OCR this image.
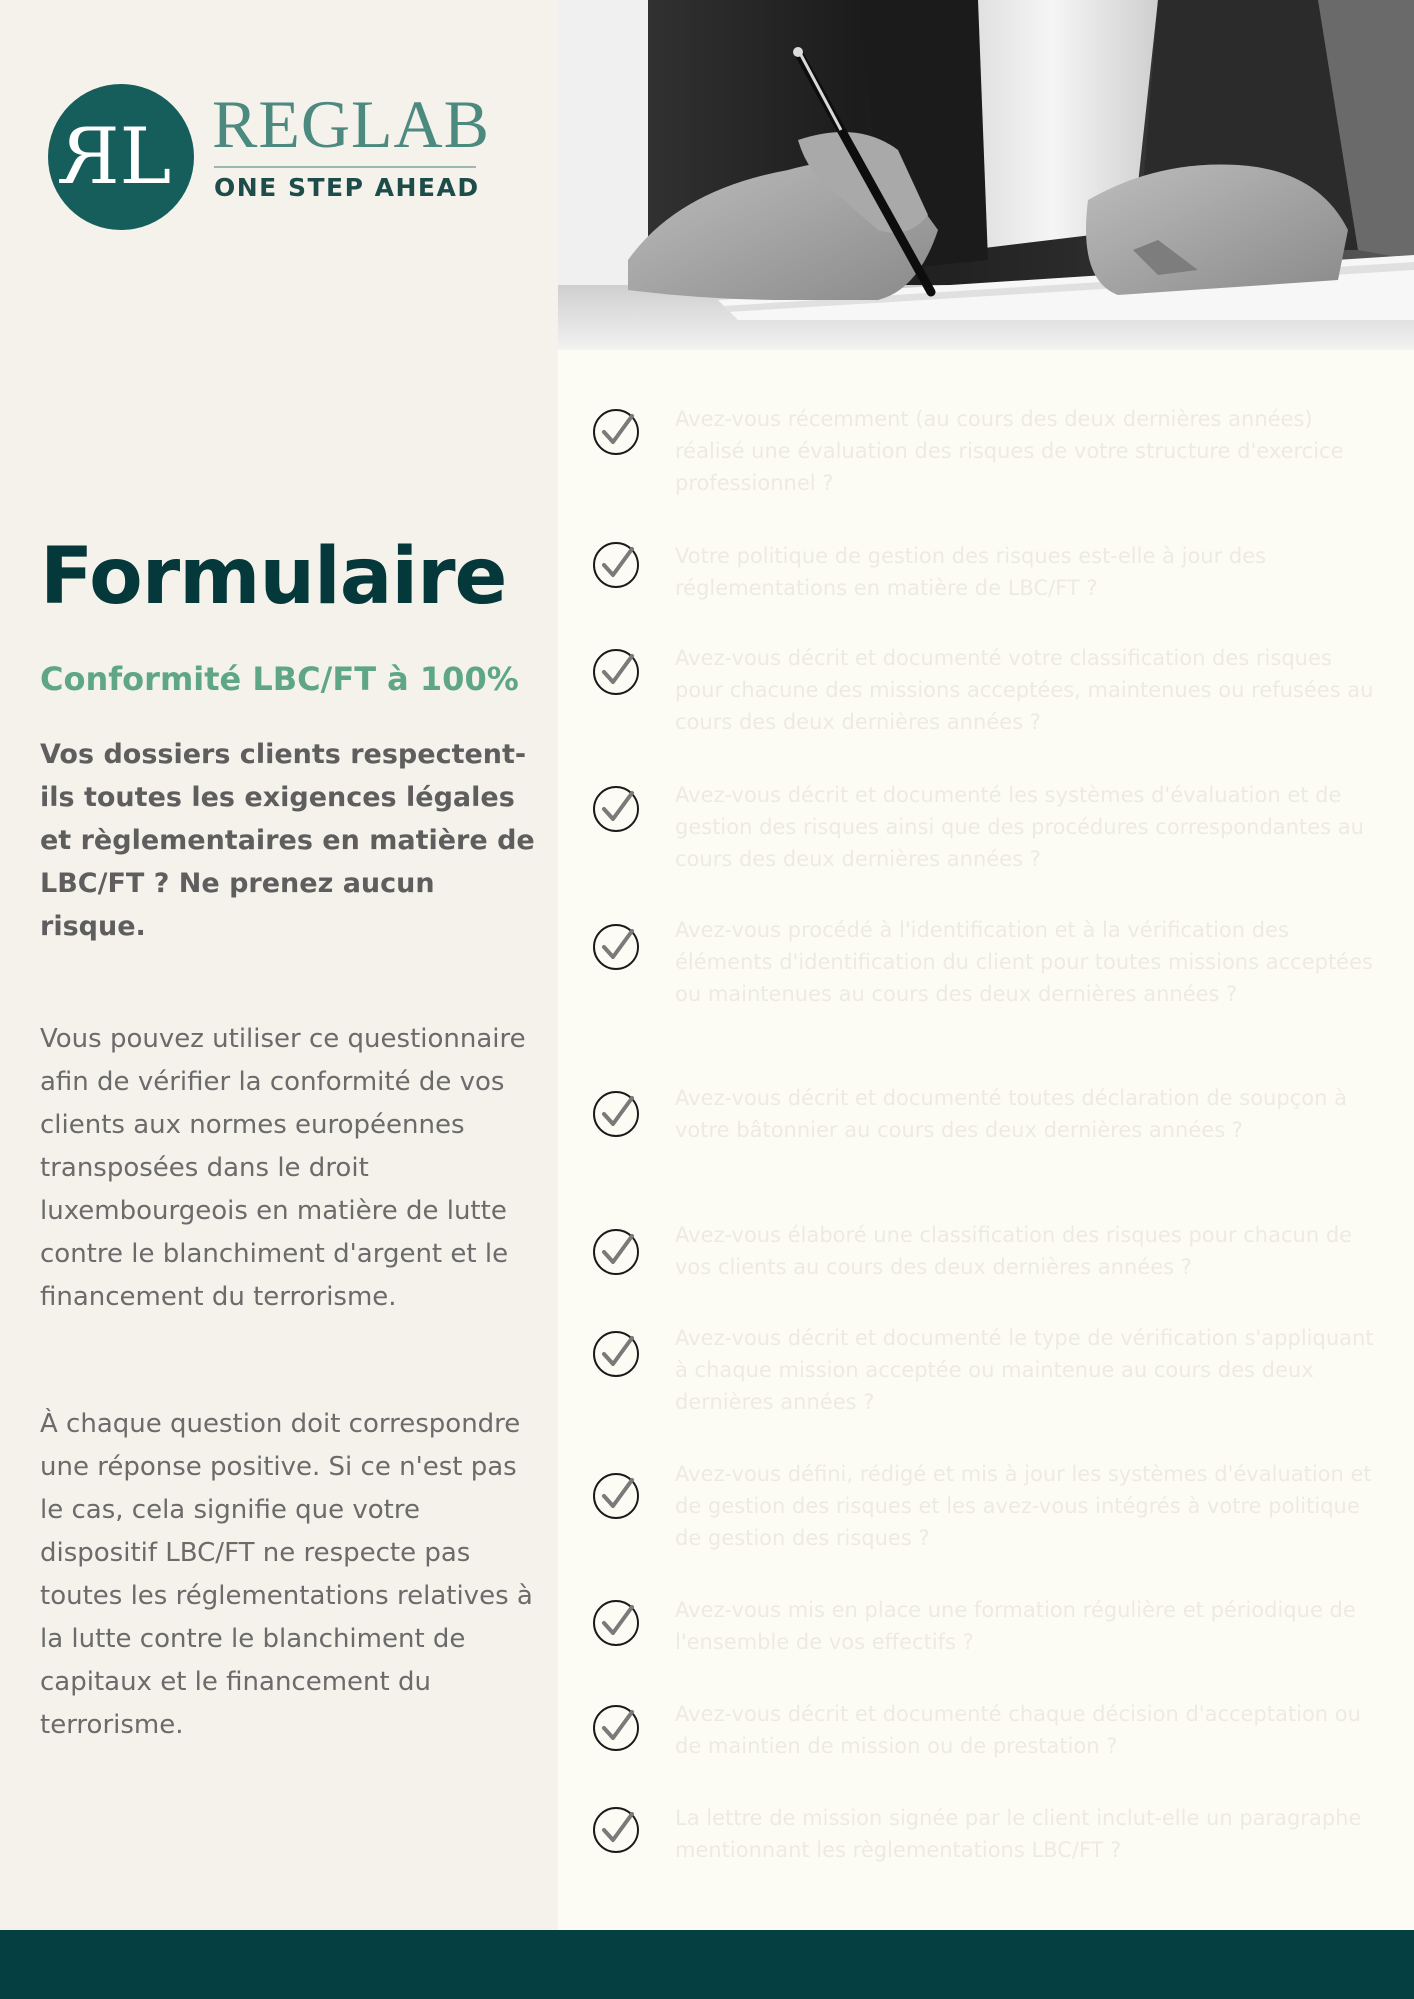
R L REGLAB
ONE STEP AHEAD
Formulaire
Conformité LBC/FT à 100%

Vos dossiers clients respectent-ils toutes les exigences légales et règlementaires en matière de LBC/FT ? Ne prenez aucun risque.

Vous pouvez utiliser ce questionnaire afin de vérifier la conformité de vos clients aux normes européennes transposées dans le droit luxembourgeois en matière de lutte contre le blanchiment d'argent et le financement du terrorisme.

À chaque question doit correspondre une réponse positive. Si ce n'est pas le cas, cela signifie que votre dispositif LBC/FT ne respecte pas toutes les réglementations relatives à la lutte contre le blanchiment de capitaux et le financement du terrorisme.

Avez-vous récemment (au cours des deux dernières années) réalisé une évaluation des risques de votre structure d'exercice professionnel ?

Votre politique de gestion des risques est-elle à jour des réglementations en matière de LBC/FT ?

Avez-vous décrit et documenté votre classification des risques pour chacune des missions acceptées, maintenues ou refusées au cours des deux dernières années ?

Avez-vous décrit et documenté les systèmes d'évaluation et de gestion des risques ainsi que des procédures correspondantes au cours des deux dernières années ?

Avez-vous procédé à l'identification et à la vérification des éléments d'identification du client pour toutes missions acceptées ou maintenues au cours des deux dernières années ?

Avez-vous décrit et documenté toutes déclaration de soupçon à votre bâtonnier au cours des deux dernières années ?

Avez-vous élaboré une classification des risques pour chacun de vos clients au cours des deux dernières années ?

Avez-vous décrit et documenté le type de vérification s'appliquant à chaque mission acceptée ou maintenue au cours des deux dernières années ?

Avez-vous défini, rédigé et mis à jour les systèmes d'évaluation et de gestion des risques et les avez-vous intégrés à votre politique de gestion des risques ?

Avez-vous mis en place une formation régulière et périodique de l'ensemble de vos effectifs ?

Avez-vous décrit et documenté chaque décision d'acceptation ou de maintien de mission ou de prestation ?

La lettre de mission signée par le client inclut-elle un paragraphe mentionnant les règlementations LBC/FT ?
